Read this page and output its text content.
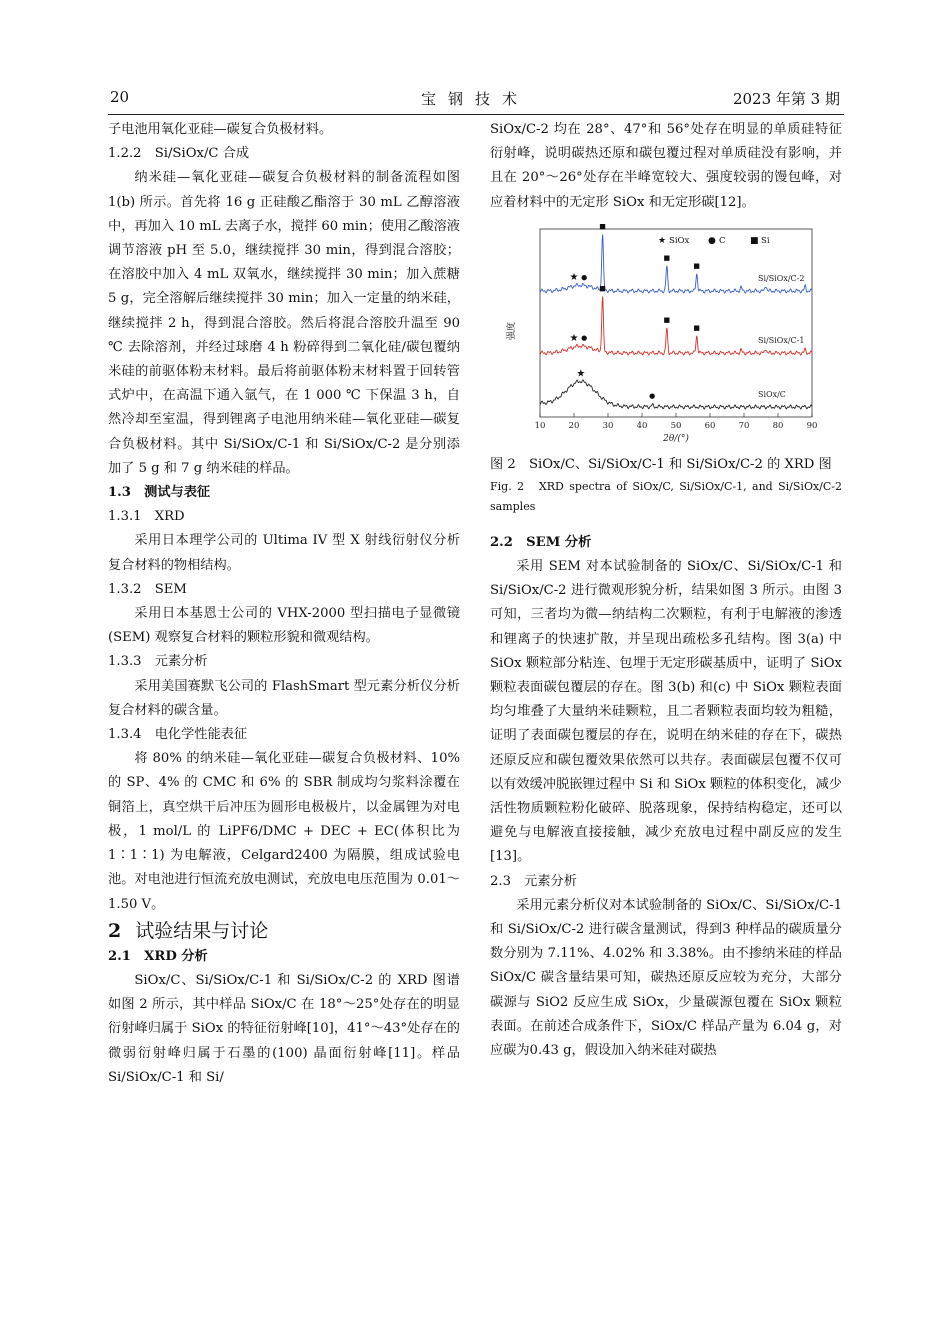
20	宝钢技术	2023 年第 3 期

子电池用氧化亚硅—碳复合负极材料。

1.2.2　Si/SiOx/C 合成

纳米硅—氧化亚硅—碳复合负极材料的制备流程如图 1(b) 所示。首先将 16 g 正硅酸乙酯溶于 30 mL 乙醇溶液中，再加入 10 mL 去离子水，搅拌 60 min；使用乙酸溶液调节溶液 pH 至 5.0，继续搅拌 30 min，得到混合溶胶；在溶胶中加入 4 mL 双氧水，继续搅拌 30 min；加入蔗糖 5 g，完全溶解后继续搅拌 30 min；加入一定量的纳米硅，继续搅拌 2 h，得到混合溶胶。然后将混合溶胶升温至 90 ℃ 去除溶剂，并经过球磨 4 h 粉碎得到二氧化硅/碳包覆纳米硅的前驱体粉末材料。最后将前驱体粉末材料置于回转管式炉中，在高温下通入氩气，在 1 000 ℃ 下保温 3 h，自然冷却至室温，得到锂离子电池用纳米硅—氧化亚硅—碳复合负极材料。其中 Si/SiOx/C-1 和 Si/SiOx/C-2 是分别添加了 5 g 和 7 g 纳米硅的样品。

1.3　测试与表征

1.3.1　XRD

采用日本理学公司的 Ultima IV 型 X 射线衍射仪分析复合材料的物相结构。

1.3.2　SEM

采用日本基恩士公司的 VHX-2000 型扫描电子显微镜(SEM) 观察复合材料的颗粒形貌和微观结构。

1.3.3　元素分析

采用美国赛默飞公司的 FlashSmart 型元素分析仪分析复合材料的碳含量。

1.3.4　电化学性能表征

将 80% 的纳米硅—氧化亚硅—碳复合负极材料、10% 的 SP、4% 的 CMC 和 6% 的 SBR 制成均匀浆料涂覆在铜箔上，真空烘干后冲压为圆形电极极片，以金属锂为对电极，1 mol/L 的 LiPF6/DMC + DEC + EC(体积比为 1∶1∶1) 为电解液，Celgard2400 为隔膜，组成试验电池。对电池进行恒流充放电测试，充放电电压范围为 0.01～1.50 V。

2 试验结果与讨论

2.1　XRD 分析

SiOx/C、Si/SiOx/C-1 和 Si/SiOx/C-2 的 XRD 图谱如图 2 所示，其中样品 SiOx/C 在 18°～25°处存在的明显衍射峰归属于 SiOx 的特征衍射峰[10]，41°～43°处存在的微弱衍射峰归属于石墨的(100) 晶面衍射峰[11]。样品 Si/SiOx/C-1 和 Si/

SiOx/C-2 均在 28°、47°和 56°处存在明显的单质硅特征衍射峰，说明碳热还原和碳包覆过程对单质硅没有影响，并且在 20°～26°处存在半峰宽较大、强度较弱的馒包峰，对应着材料中的无定形 SiOx 和无定形碳[12]。

10	20	30	40	50	60	70	80	90
2θ/(°)
强度
★ SiOx ● C	■ Si
Si/SiOx/C-2
Si/SiOx/C-1
SiOx/C
★ ●
■
■
■
★ ●
■
■
■
★
●

图 2　SiOx/C、Si/SiOx/C-1 和 Si/SiOx/C-2 的 XRD 图

Fig. 2　XRD spectra of SiOx/C, Si/SiOx/C-1, and Si/SiOx/C-2 samples

2.2　SEM 分析

采用 SEM 对本试验制备的 SiOx/C、Si/SiOx/C-1 和 Si/SiOx/C-2 进行微观形貌分析，结果如图 3 所示。由图 3 可知，三者均为微—纳结构二次颗粒，有利于电解液的渗透和锂离子的快速扩散，并呈现出疏松多孔结构。图 3(a) 中 SiOx 颗粒部分粘连、包埋于无定形碳基质中，证明了 SiOx 颗粒表面碳包覆层的存在。图 3(b) 和(c) 中 SiOx 颗粒表面均匀堆叠了大量纳米硅颗粒，且二者颗粒表面均较为粗糙，证明了表面碳包覆层的存在，说明在纳米硅的存在下，碳热还原反应和碳包覆效果依然可以共存。表面碳层包覆不仅可以有效缓冲脱嵌锂过程中 Si 和 SiOx 颗粒的体积变化，减少活性物质颗粒粉化破碎、脱落现象，保持结构稳定，还可以避免与电解液直接接触，减少充放电过程中副反应的发生[13]。

2.3　元素分析

采用元素分析仪对本试验制备的 SiOx/C、Si/SiOx/C-1 和 Si/SiOx/C-2 进行碳含量测试，得到3 种样品的碳质量分数分别为 7.11%、4.02% 和 3.38%。由不掺纳米硅的样品 SiOx/C 碳含量结果可知，碳热还原反应较为充分，大部分碳源与 SiO2 反应生成 SiOx，少量碳源包覆在 SiOx 颗粒表面。在前述合成条件下，SiOx/C 样品产量为 6.04 g，对应碳为0.43 g，假设加入纳米硅对碳热
